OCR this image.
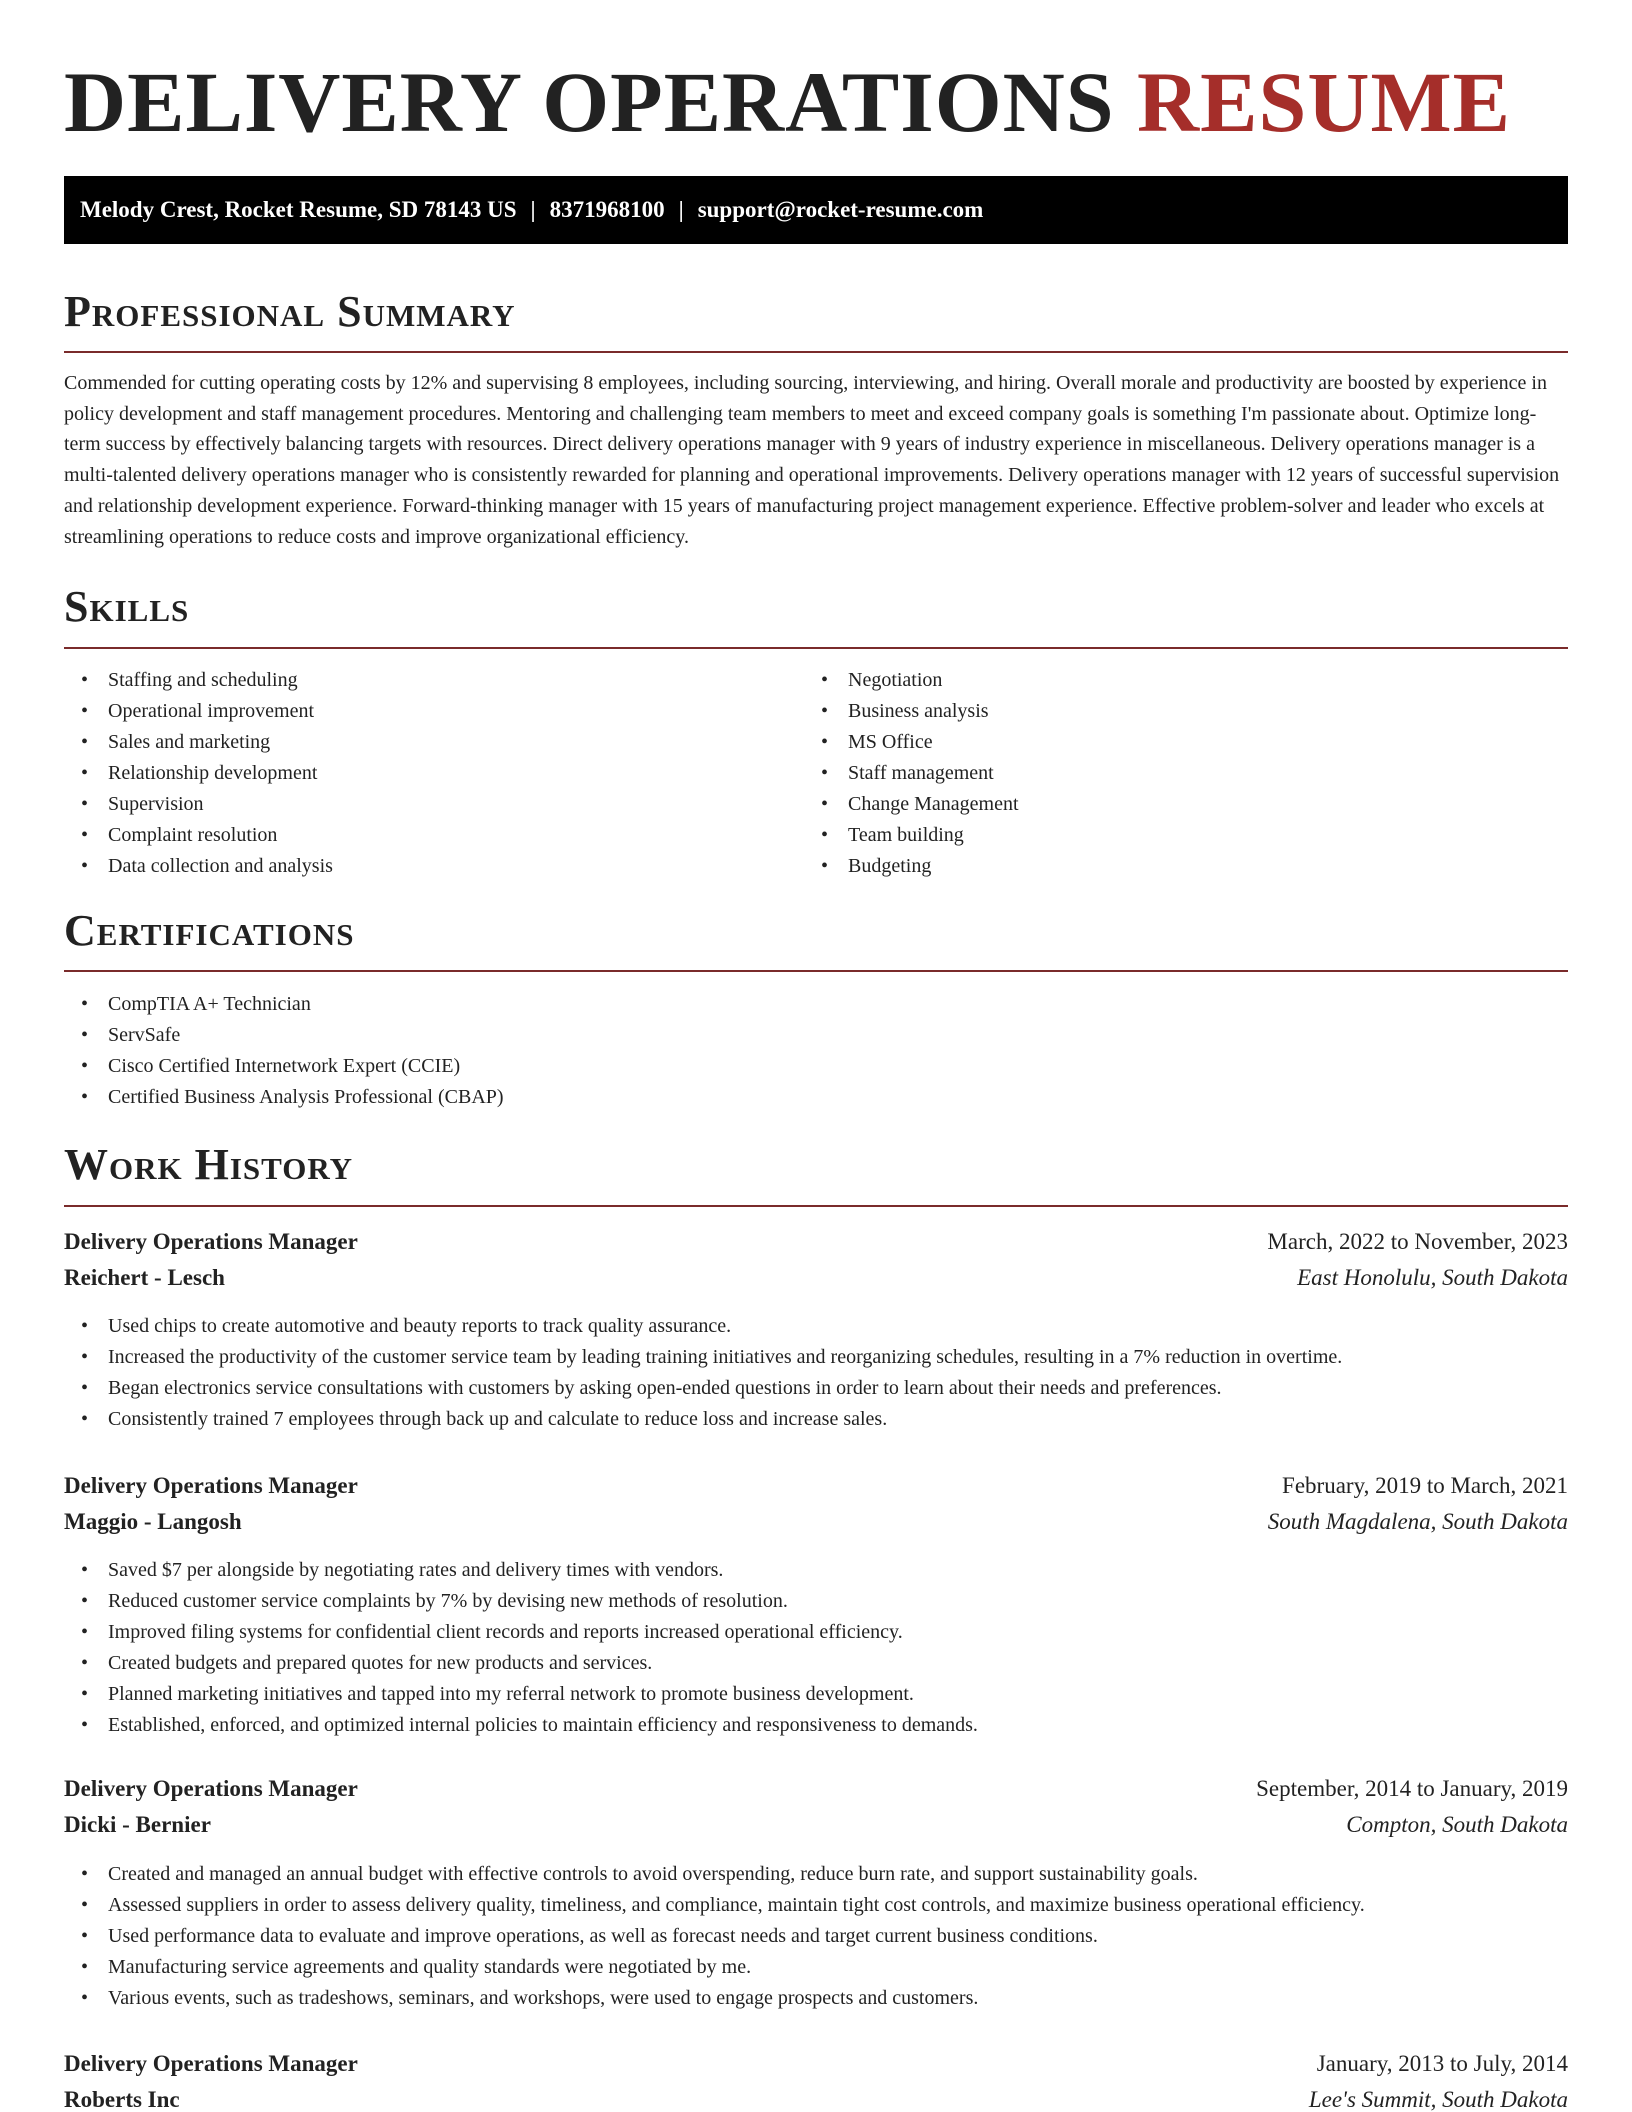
DELIVERY OPERATIONS RESUME
Melody Crest, Rocket Resume, SD 78143 US | 8371968100 | support@rocket-resume.com
Professional Summary

Commended for cutting operating costs by 12% and supervising 8 employees, including sourcing, interviewing, and hiring. Overall morale and productivity are boosted by experience in policy development and staff management procedures. Mentoring and challenging team members to meet and exceed company goals is something I'm passionate about. Optimize long-term success by effectively balancing targets with resources. Direct delivery operations manager with 9 years of industry experience in miscellaneous. Delivery operations manager is a multi-talented delivery operations manager who is consistently rewarded for planning and operational improvements. Delivery operations manager with 12 years of successful supervision and relationship development experience. Forward-thinking manager with 15 years of manufacturing project management experience. Effective problem-solver and leader who excels at streamlining operations to reduce costs and improve organizational efficiency.

Skills
• Staffing and scheduling
• Operational improvement
• Sales and marketing
• Relationship development
• Supervision
• Complaint resolution
• Data collection and analysis
• Negotiation
• Business analysis
• MS Office
• Staff management
• Change Management
• Team building
• Budgeting
Certifications
• CompTIA A+ Technician
• ServSafe
• Cisco Certified Internetwork Expert (CCIE)
• Certified Business Analysis Professional (CBAP)
Work History
Delivery Operations Manager	March, 2022 to November, 2023
Reichert - Lesch	East Honolulu, South Dakota
• Used chips to create automotive and beauty reports to track quality assurance.
• Increased the productivity of the customer service team by leading training initiatives and reorganizing schedules, resulting in a 7% reduction in overtime.
• Began electronics service consultations with customers by asking open-ended questions in order to learn about their needs and preferences.
• Consistently trained 7 employees through back up and calculate to reduce loss and increase sales.
Delivery Operations Manager	February, 2019 to March, 2021
Maggio - Langosh	South Magdalena, South Dakota
• Saved $7 per alongside by negotiating rates and delivery times with vendors.
• Reduced customer service complaints by 7% by devising new methods of resolution.
• Improved filing systems for confidential client records and reports increased operational efficiency.
• Created budgets and prepared quotes for new products and services.
• Planned marketing initiatives and tapped into my referral network to promote business development.
• Established, enforced, and optimized internal policies to maintain efficiency and responsiveness to demands.
Delivery Operations Manager	September, 2014 to January, 2019
Dicki - Bernier	Compton, South Dakota
• Created and managed an annual budget with effective controls to avoid overspending, reduce burn rate, and support sustainability goals.
• Assessed suppliers in order to assess delivery quality, timeliness, and compliance, maintain tight cost controls, and maximize business operational efficiency.
• Used performance data to evaluate and improve operations, as well as forecast needs and target current business conditions.
• Manufacturing service agreements and quality standards were negotiated by me.
• Various events, such as tradeshows, seminars, and workshops, were used to engage prospects and customers.
Delivery Operations Manager	January, 2013 to July, 2014
Roberts Inc	Lee's Summit, South Dakota
